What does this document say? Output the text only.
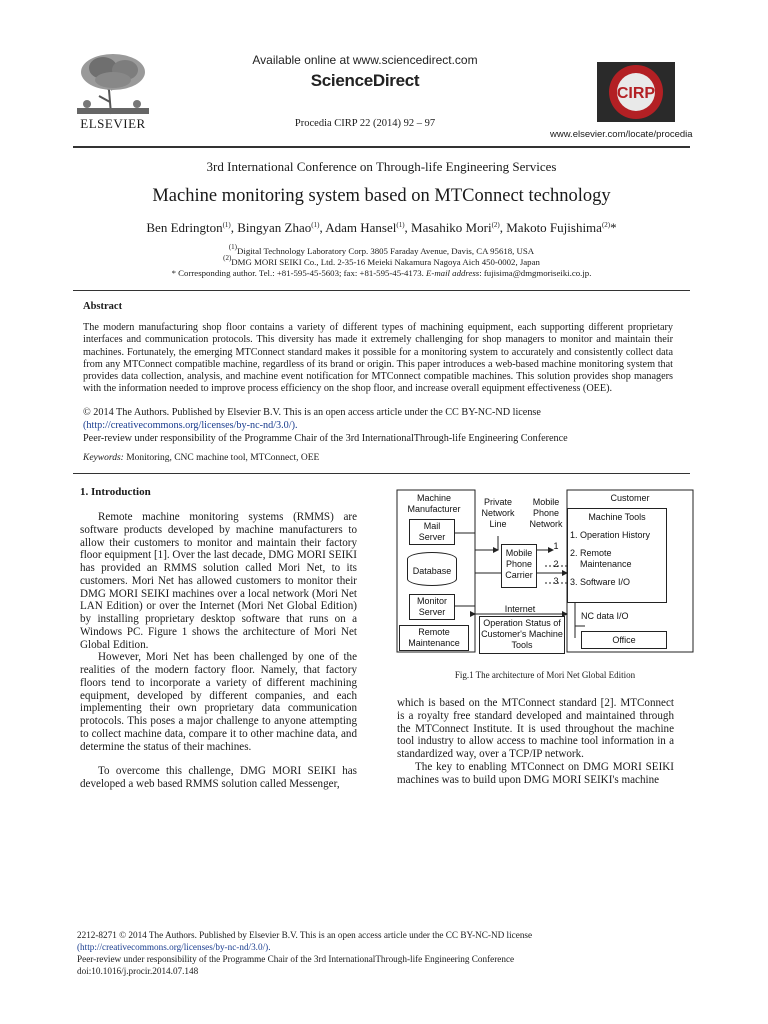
ELSEVIER
Available online at www.sciencedirect.com
ScienceDirect
Procedia CIRP 22 (2014) 92 – 97
CIRP
www.elsevier.com/locate/procedia
3rd International Conference on Through-life Engineering Services
Machine monitoring system based on MTConnect technology
Ben Edrington$^{(1)}$, Bingyan Zhao$^{(1)}$, Adam Hansel$^{(1)}$, Masahiko Mori$^{(2)}$, Makoto Fujishima$^{(2)}$*
$^{(1)}$Digital Technology Laboratory Corp. 3805 Faraday Avenue, Davis, CA 95618, USA
$^{(2)}$DMG MORI SEIKI Co., Ltd. 2-35-16 Meieki Nakamura Nagoya Aich 450-0002, Japan
* Corresponding author. Tel.: +81-595-45-5603; fax: +81-595-45-4173. E-mail address: fujisima@dmgmoriseiki.co.jp.
Abstract
The modern manufacturing shop floor contains a variety of different types of machining equipment, each supporting different proprietary interfaces and communication protocols. This diversity has made it extremely challenging for shop managers to monitor and maintain their machines. Fortunately, the emerging MTConnect standard makes it possible for a monitoring system to accurately and consistently collect data from any MTConnect compatible machine, regardless of its brand or origin. This paper introduces a web-based machine monitoring system that provides data collection, analysis, and machine event notification for MTConnect compatible machines. This solution provides shop managers with the information needed to improve process efficiency on the shop floor, and increase overall equipment effectiveness (OEE).
© 2014 The Authors. Published by Elsevier B.V. This is an open access article under the CC BY-NC-ND license
(http://creativecommons.org/licenses/by-nc-nd/3.0/).
Peer-review under responsibility of the Programme Chair of the 3rd InternationalThrough-life Engineering Conference
Keywords: Monitoring, CNC machine tool, MTConnect, OEE
1. Introduction

Remote machine monitoring systems (RMMS) are software products developed by machine manufacturers to allow their customers to monitor and maintain their factory floor equipment [1]. Over the last decade, DMG MORI SEIKI has provided an RMMS solution called Mori Net, to its customers. Mori Net has allowed customers to monitor their DMG MORI SEIKI machines over a local network (Mori Net LAN Edition) or over the Internet (Mori Net Global Edition) by installing proprietary desktop software that runs on a Windows PC. Figure 1 shows the architecture of Mori Net Global Edition.

However, Mori Net has been challenged by one of the realities of the modern factory floor. Namely, that factory floors tend to incorporate a variety of different machining equipment, developed by different companies, and each implementing their own proprietary data communication protocols. This poses a major challenge to anyone attempting to collect machine data, compare it to other machine data, and determine the status of their machines.

To overcome this challenge, DMG MORI SEIKI has developed a web based RMMS solution called Messenger,

Machine
Manufacturer
Mail
Server
Database
Monitor
Server
Remote
Maintenance
Private
Network
Line
Mobile
Phone
Network
Mobile
Phone
Carrier
1
2
3
Internet
Operation Status of
Customer's Machine
Tools
Customer
Machine Tools
1. Operation History
2. Remote
Maintenance
3. Software I/O
NC data I/O
Office
Fig.1 The architecture of Mori Net Global Edition

which is based on the MTConnect standard [2]. MTConnect is a royalty free standard developed and maintained through the MTConnect Institute. It is used throughout the machine tool industry to allow access to machine tool information in a standardized way, over a TCP/IP network.

The key to enabling MTConnect on DMG MORI SEIKI machines was to build upon DMG MORI SEIKI's machine

2212-8271 © 2014 The Authors. Published by Elsevier B.V. This is an open access article under the CC BY-NC-ND license
(http://creativecommons.org/licenses/by-nc-nd/3.0/).
Peer-review under responsibility of the Programme Chair of the 3rd InternationalThrough-life Engineering Conference
doi:10.1016/j.procir.2014.07.148
